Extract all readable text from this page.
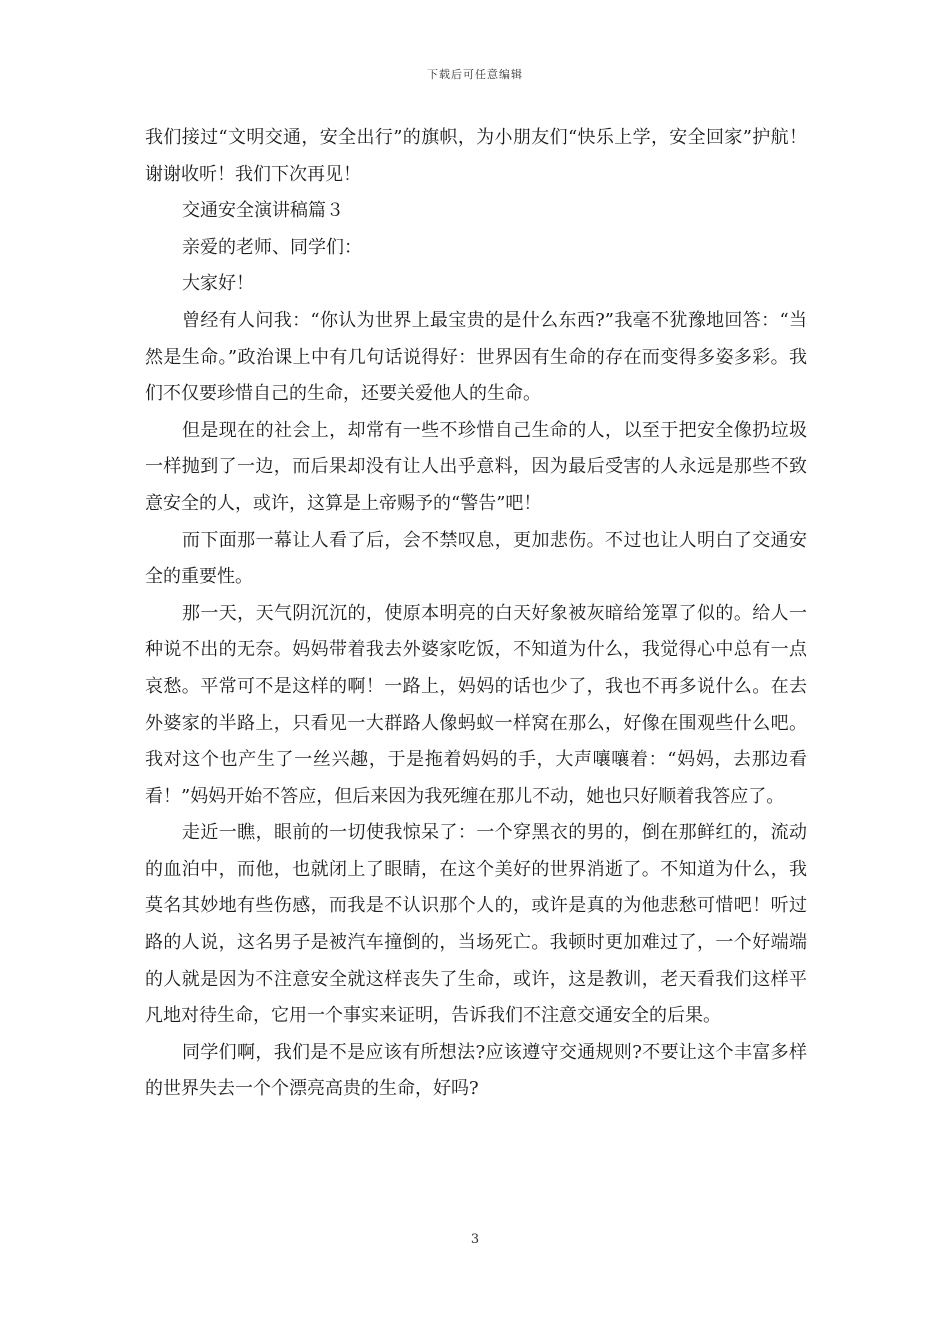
下载后可任意编辑

我们接过“文明交通，安全出行”的旗帜，为小朋友们“快乐上学，安全回家”护航！谢谢收听！我们下次再见！

交通安全演讲稿篇３

亲爱的老师、同学们：

大家好！

曾经有人问我：“你认为世界上最宝贵的是什么东西?”我毫不犹豫地回答：“当然是生命。”政治课上中有几句话说得好：世界因有生命的存在而变得多姿多彩。我们不仅要珍惜自己的生命，还要关爱他人的生命。

但是现在的社会上，却常有一些不珍惜自己生命的人，以至于把安全像扔垃圾一样抛到了一边，而后果却没有让人出乎意料，因为最后受害的人永远是那些不致意安全的人，或许，这算是上帝赐予的“警告”吧！

而下面那一幕让人看了后，会不禁叹息，更加悲伤。不过也让人明白了交通安全的重要性。

那一天，天气阴沉沉的，使原本明亮的白天好象被灰暗给笼罩了似的。给人一种说不出的无奈。妈妈带着我去外婆家吃饭，不知道为什么，我觉得心中总有一点哀愁。平常可不是这样的啊！一路上，妈妈的话也少了，我也不再多说什么。在去外婆家的半路上，只看见一大群路人像蚂蚁一样窝在那么，好像在围观些什么吧。我对这个也产生了一丝兴趣，于是拖着妈妈的手，大声嚷嚷着：“妈妈，去那边看看！”妈妈开始不答应，但后来因为我死缠在那儿不动，她也只好顺着我答应了。

走近一瞧，眼前的一切使我惊呆了：一个穿黑衣的男的，倒在那鲜红的，流动的血泊中，而他，也就闭上了眼睛，在这个美好的世界消逝了。不知道为什么，我莫名其妙地有些伤感，而我是不认识那个人的，或许是真的为他悲愁可惜吧！听过路的人说，这名男子是被汽车撞倒的，当场死亡。我顿时更加难过了，一个好端端的人就是因为不注意安全就这样丧失了生命，或许，这是教训，老天看我们这样平凡地对待生命，它用一个事实来证明，告诉我们不注意交通安全的后果。

同学们啊，我们是不是应该有所想法?应该遵守交通规则?不要让这个丰富多样的世界失去一个个漂亮高贵的生命，好吗?

3
